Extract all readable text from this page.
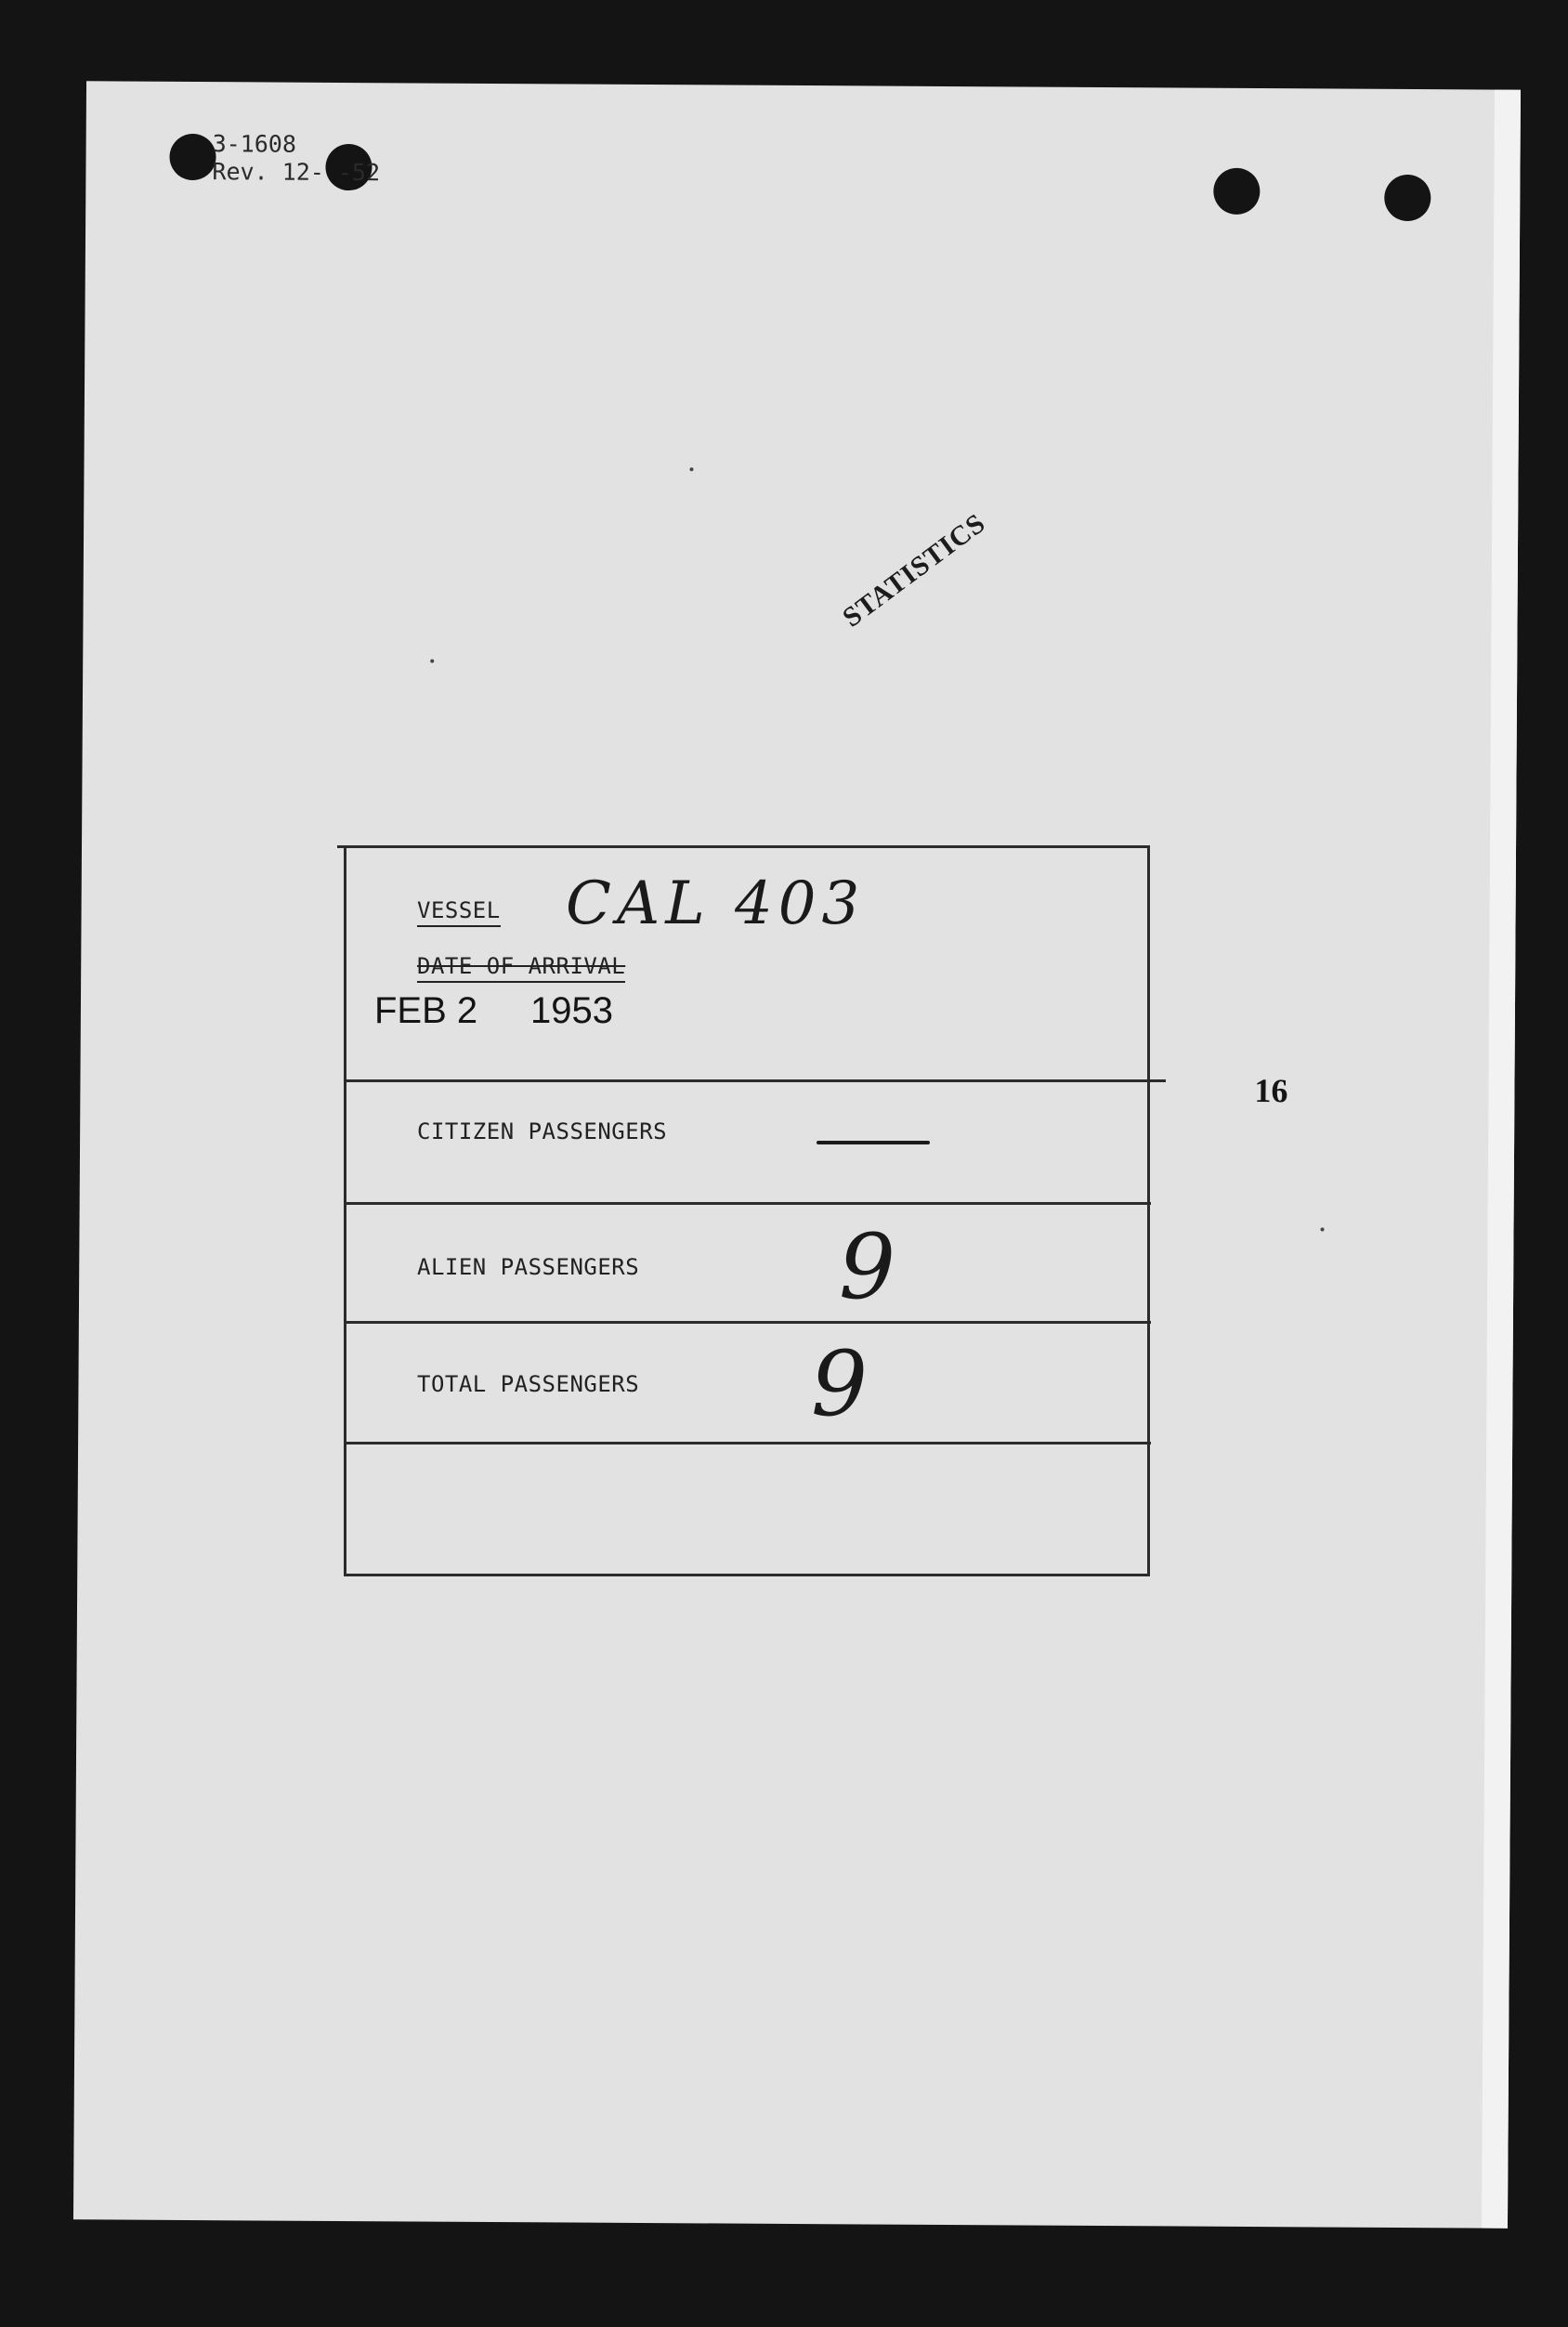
3-1608
Rev. 12- -52
STATISTICS
16
VESSEL CAL 403
DATE OF ARRIVAL
FEB 2 1953
CITIZEN PASSENGERS
ALIEN PASSENGERS 9
TOTAL PASSENGERS 9
